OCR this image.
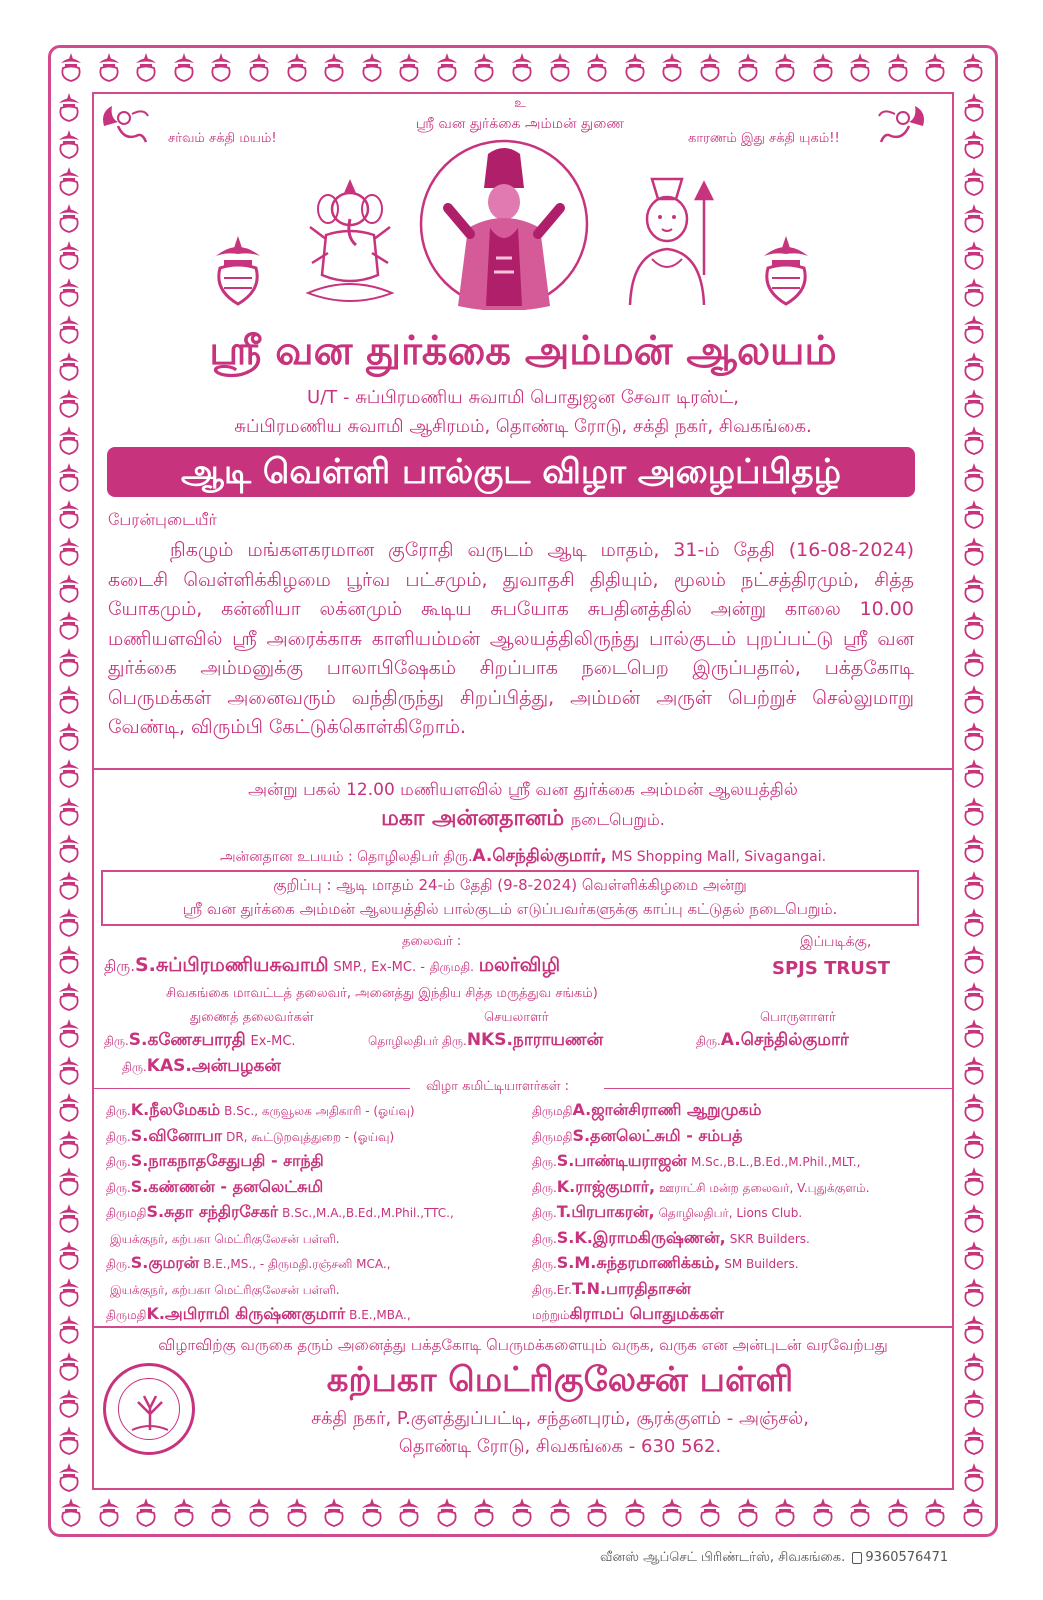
உ
ஸ்ரீ வன துர்க்கை அம்மன் துணை
சர்வம் சக்தி மயம்!	காரணம் இது சக்தி யுகம்!!
ஸ்ரீ வன துர்க்கை அம்மன் ஆலயம்
U/T - சுப்பிரமணிய சுவாமி பொதுஜன சேவா டிரஸ்ட்,
சுப்பிரமணிய சுவாமி ஆசிரமம், தொண்டி ரோடு, சக்தி நகர், சிவகங்கை.
ஆடி வெள்ளி பால்குட விழா அழைப்பிதழ்
பேரன்புடையீர்
நிகழும் மங்களகரமான குரோதி வருடம் ஆடி மாதம், 31-ம் தேதி (16-08-2024) கடைசி வெள்ளிக்கிழமை பூர்வ பட்சமும், துவாதசி திதியும், மூலம் நட்சத்திரமும், சித்த யோகமும், கன்னியா லக்னமும் கூடிய சுபயோக சுபதினத்தில் அன்று காலை 10.00 மணியளவில் ஸ்ரீ அரைக்காசு காளியம்மன் ஆலயத்திலிருந்து பால்குடம் புறப்பட்டு ஸ்ரீ வன துர்க்கை அம்மனுக்கு பாலாபிஷேகம் சிறப்பாக நடைபெற இருப்பதால், பக்தகோடி பெருமக்கள் அனைவரும் வந்திருந்து சிறப்பித்து, அம்மன் அருள் பெற்றுச் செல்லுமாறு வேண்டி, விரும்பி கேட்டுக்கொள்கிறோம்.
அன்று பகல் 12.00 மணியளவில் ஸ்ரீ வன துர்க்கை அம்மன் ஆலயத்தில்
மகா அன்னதானம் நடைபெறும்.
அன்னதான உபயம் : தொழிலதிபர் திரு.A.செந்தில்குமார், MS Shopping Mall, Sivagangai.
குறிப்பு : ஆடி மாதம் 24-ம் தேதி (9-8-2024) வெள்ளிக்கிழமை அன்று
ஸ்ரீ வன துர்க்கை அம்மன் ஆலயத்தில் பால்குடம் எடுப்பவர்களுக்கு காப்பு கட்டுதல் நடைபெறும்.
தலைவர் :	இப்படிக்கு,
திரு.S.சுப்பிரமணியசுவாமி SMP., Ex-MC. - திருமதி. மலர்விழி	SPJS TRUST
சிவகங்கை மாவட்டத் தலைவர், அனைத்து இந்திய சித்த மருத்துவ சங்கம்)
துணைத் தலைவர்கள்	செயலாளர்	பொருளாளர்
திரு.S.கணேசபாரதி Ex-MC.	தொழிலதிபர் திரு.NKS.நாராயணன்	திரு.A.செந்தில்குமார்
திரு.KAS.அன்பழகன்
விழா கமிட்டியாளர்கள் :
திரு.K.நீலமேகம் B.Sc., கருவூலக அதிகாரி - (ஓய்வு)
திரு.S.வினோபா DR, கூட்டுறவுத்துறை - (ஓய்வு)
திரு.S.நாகநாதசேதுபதி - சாந்தி
திரு.S.கண்ணன் - தனலெட்சுமி
திருமதிS.சுதா சந்திரசேகர் B.Sc.,M.A.,B.Ed.,M.Phil.,TTC.,
இயக்குநர், கற்பகா மெட்ரிகுலேசன் பள்ளி.
திரு.S.குமரன் B.E.,MS., - திருமதி.ரஞ்சனி MCA.,
இயக்குநர், கற்பகா மெட்ரிகுலேசன் பள்ளி.
திருமதிK.அபிராமி கிருஷ்ணகுமார் B.E.,MBA.,
திருமதிA.ஜான்சிராணி ஆறுமுகம்
திருமதிS.தனலெட்சுமி - சம்பத்
திரு.S.பாண்டியராஜன் M.Sc.,B.L.,B.Ed.,M.Phil.,MLT.,
திரு.K.ராஜ்குமார், ஊராட்சி மன்ற தலைவர், V.புதுக்குளம்.
திரு.T.பிரபாகரன், தொழிலதிபர், Lions Club.
திரு.S.K.இராமகிருஷ்ணன், SKR Builders.
திரு.S.M.சுந்தரமாணிக்கம், SM Builders.
திரு.Er.T.N.பாரதிதாசன்
மற்றும்கிராமப் பொதுமக்கள்
விழாவிற்கு வருகை தரும் அனைத்து பக்தகோடி பெருமக்களையும் வருக, வருக என அன்புடன் வரவேற்பது
கற்பகா மெட்ரிகுலேசன் பள்ளி
சக்தி நகர், P.குளத்துப்பட்டி, சந்தனபுரம், சூரக்குளம் - அஞ்சல்,
தொண்டி ரோடு, சிவகங்கை - 630 562.
வீனஸ் ஆப்செட் பிரிண்டர்ஸ், சிவகங்கை. 9360576471
